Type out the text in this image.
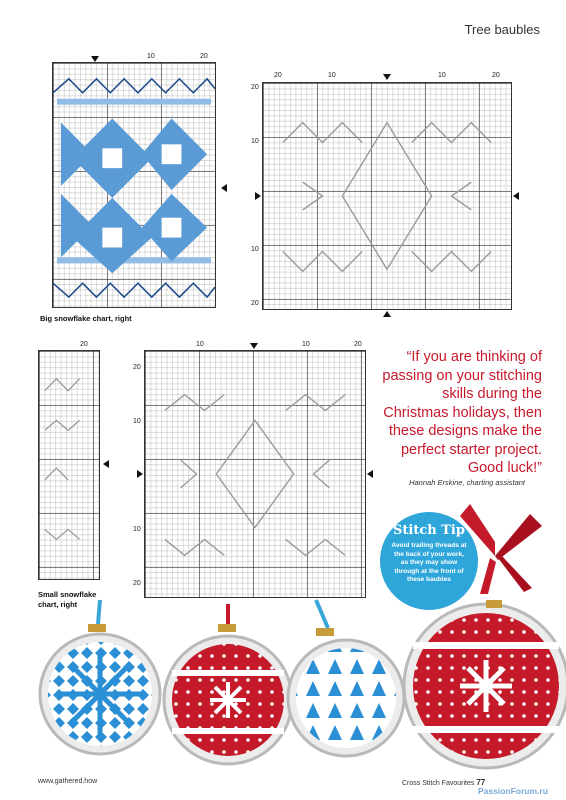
Tree baubles
10	20
Big snowflake chart, right
20	10	10	20
20
10
10
20
20
Small snowflake chart, right
10	10	20
20
10
10
20
“If you are thinking of passing on your stitching skills during the Christmas holidays, then these designs make the perfect starter project. Good luck!”
Hannah Erskine, charting assistant
Stitch Tip
Avoid trailing threads at the back of your work, as they may show through at the front of these baubles
www.gathered.how	Cross Stitch Favourites 77
PassionForum.ru
